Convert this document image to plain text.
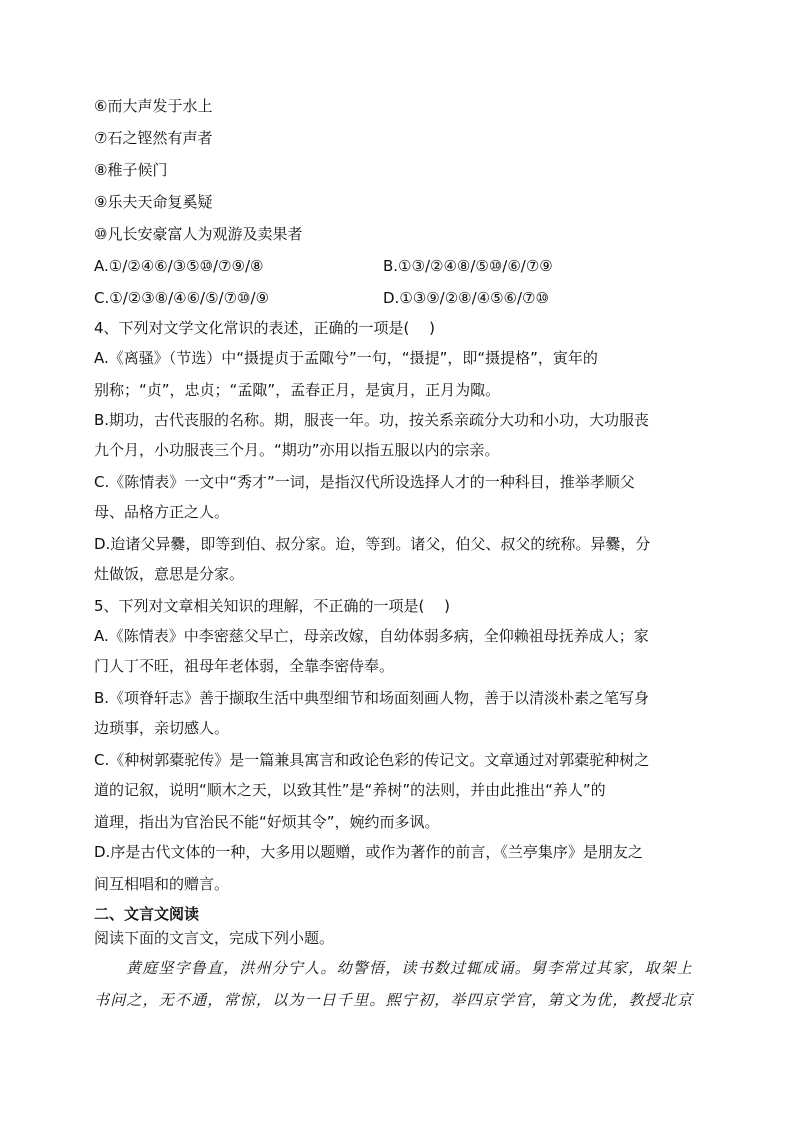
⑥而大声发于水上
⑦石之铿然有声者
⑧稚子候门
⑨乐夫天命复奚疑
⑩凡长安豪富人为观游及卖果者
A.①/②④⑥/③⑤⑩/⑦⑨/⑧	B.①③/②④⑧/⑤⑩/⑥/⑦⑨
C.①/②③⑧/④⑥/⑤/⑦⑩/⑨	D.①③⑨/②⑧/④⑤⑥/⑦⑩
4、下列对文学文化常识的表述，正确的一项是(　 )
A.《离骚》（节选）中“摄提贞于孟陬兮”一句，“摄提”，即“摄提格”，寅年的
别称；“贞”，忠贞；“孟陬”，孟春正月，是寅月，正月为陬。
B.期功，古代丧服的名称。期，服丧一年。功，按关系亲疏分大功和小功，大功服丧
九个月，小功服丧三个月。“期功”亦用以指五服以内的宗亲。
C.《陈情表》一文中“秀才”一词，是指汉代所设选择人才的一种科目，推举孝顺父
母、品格方正之人。
D.迨诸父异爨，即等到伯、叔分家。迨，等到。诸父，伯父、叔父的统称。异爨，分
灶做饭，意思是分家。
5、下列对文章相关知识的理解，不正确的一项是(　 )
A.《陈情表》中李密慈父早亡，母亲改嫁，自幼体弱多病，全仰赖祖母抚养成人；家
门人丁不旺，祖母年老体弱，全靠李密侍奉。
B.《项脊轩志》善于撷取生活中典型细节和场面刻画人物，善于以清淡朴素之笔写身
边琐事，亲切感人。
C.《种树郭橐驼传》是一篇兼具寓言和政论色彩的传记文。文章通过对郭橐驼种树之
道的记叙，说明“顺木之天，以致其性”是“养树”的法则，并由此推出“养人”的
道理，指出为官治民不能“好烦其令”，婉约而多讽。
D.序是古代文体的一种，大多用以题赠，或作为著作的前言，《兰亭集序》是朋友之
间互相唱和的赠言。
二、文言文阅读
阅读下面的文言文，完成下列小题。
黄庭坚字鲁直，洪州分宁人。幼警悟，读书数过辄成诵。舅李常过其家，取架上
书问之，无不通，常惊，以为一日千里。熙宁初，举四京学官，第文为优，教授北京
